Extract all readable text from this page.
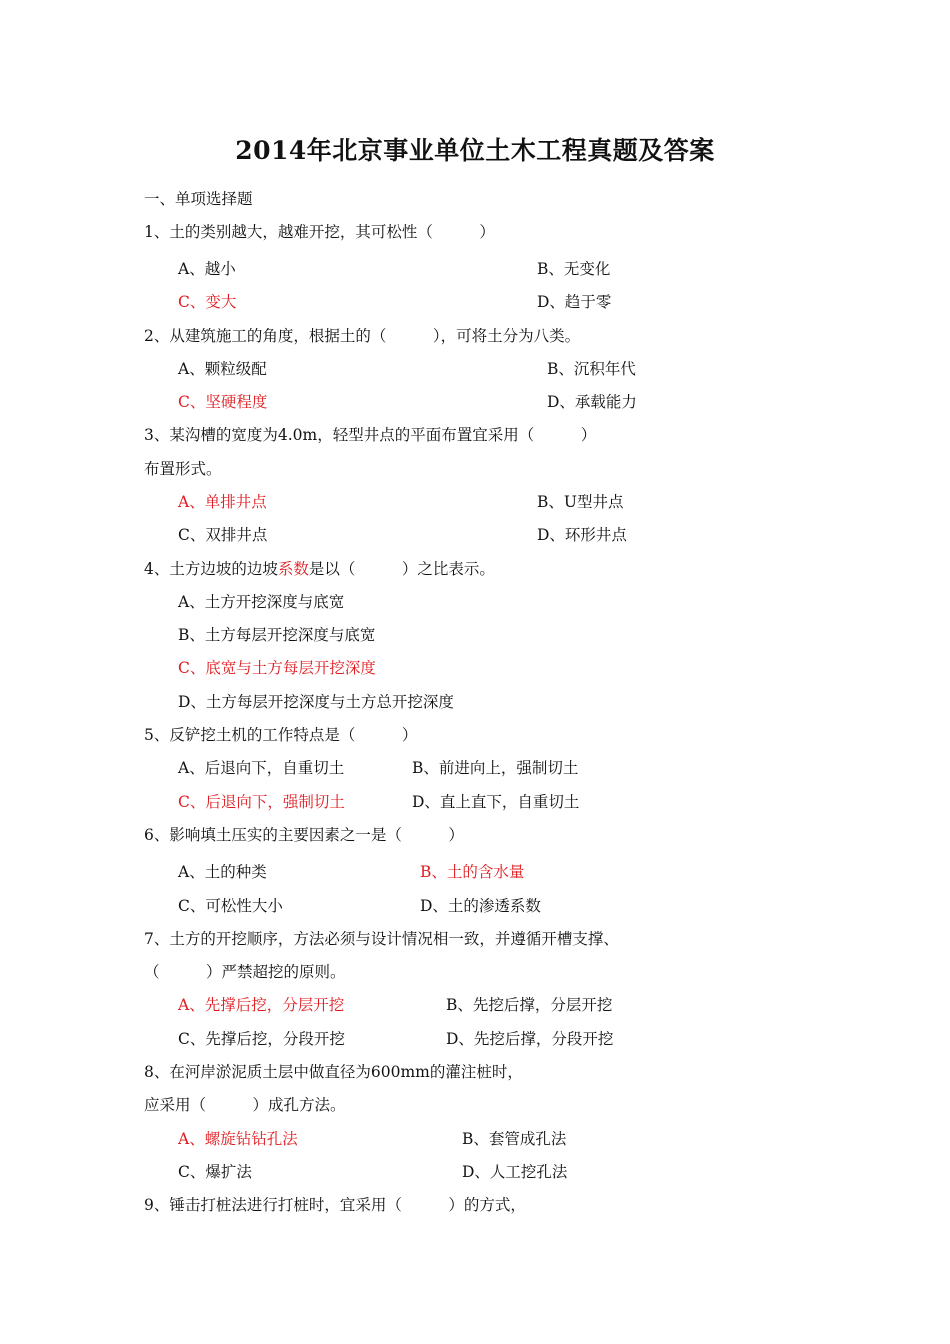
2014年北京事业单位土木工程真题及答案
一、单项选择题
1、土的类别越大，越难开挖，其可松性（　　　）
A、越小	B、无变化
C、变大	D、趋于零
2、从建筑施工的角度，根据土的（　　　），可将土分为八类。
A、颗粒级配	B、沉积年代
C、坚硬程度	D、承载能力
3、某沟槽的宽度为4.0m，轻型井点的平面布置宜采用（　　　）
布置形式。
A、单排井点	B、U型井点
C、双排井点	D、环形井点
4、土方边坡的边坡系数是以（　　　）之比表示。
A、土方开挖深度与底宽
B、土方每层开挖深度与底宽
C、底宽与土方每层开挖深度
D、土方每层开挖深度与土方总开挖深度
5、反铲挖土机的工作特点是（　　　）
A、后退向下，自重切土	B、前进向上，强制切土
C、后退向下，强制切土	D、直上直下，自重切土
6、影响填土压实的主要因素之一是（　　　）
A、土的种类	B、土的含水量
C、可松性大小	D、土的渗透系数
7、土方的开挖顺序，方法必须与设计情况相一致，并遵循开槽支撑、
（　　　）严禁超挖的原则。
A、先撑后挖，分层开挖	B、先挖后撑，分层开挖
C、先撑后挖，分段开挖	D、先挖后撑，分段开挖
8、在河岸淤泥质土层中做直径为600mm的灌注桩时，
应采用（　　　）成孔方法。
A、螺旋钻钻孔法	B、套管成孔法
C、爆扩法	D、人工挖孔法
9、锤击打桩法进行打桩时，宜采用（　　　）的方式，
